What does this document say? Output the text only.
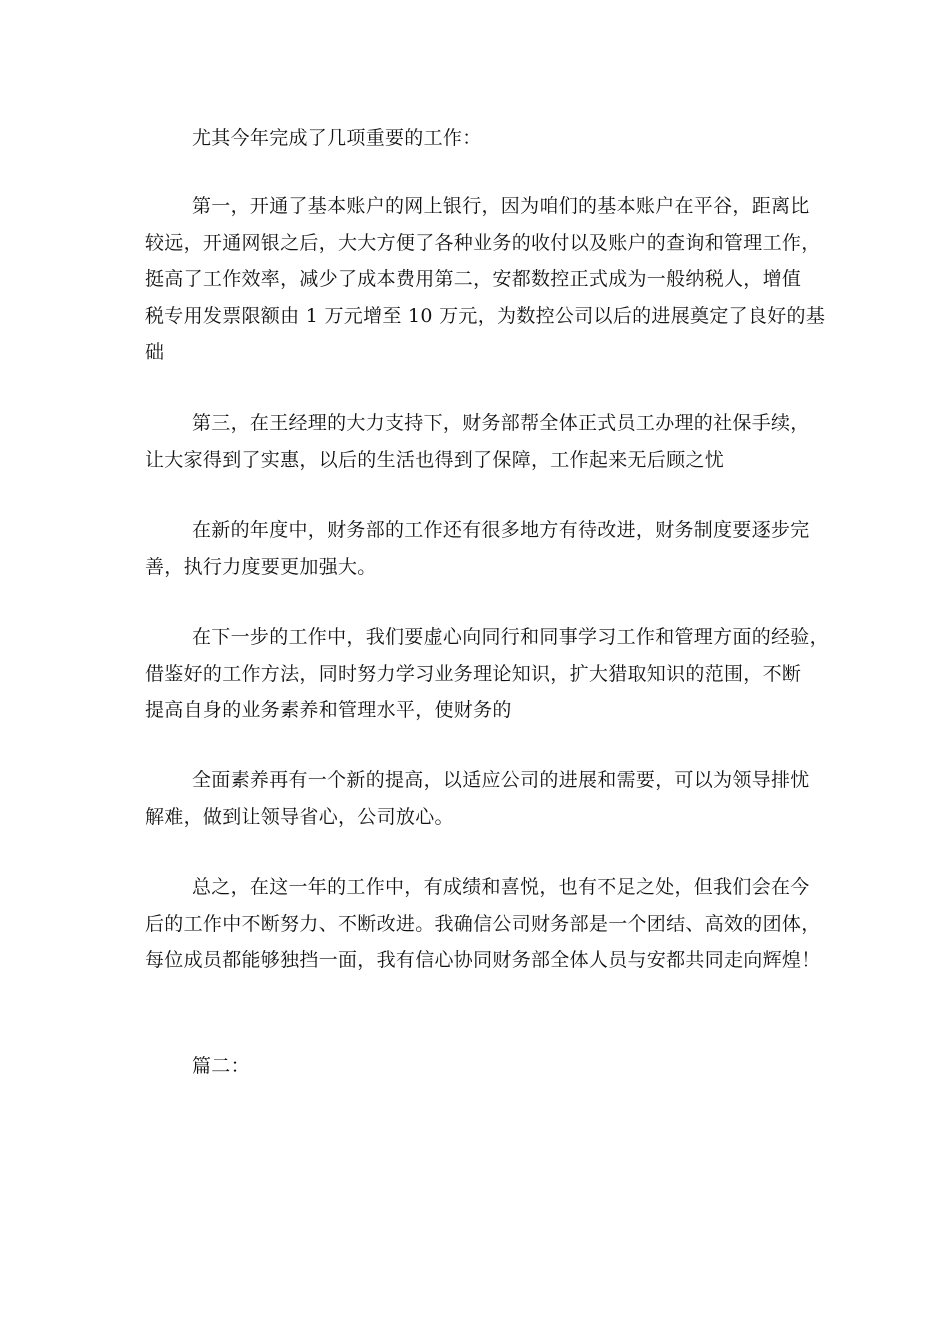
尤其今年完成了几项重要的工作：
第一，开通了基本账户的网上银行，因为咱们的基本账户在平谷，距离比
较远，开通网银之后，大大方便了各种业务的收付以及账户的查询和管理工作，
挺高了工作效率，减少了成本费用第二，安都数控正式成为一般纳税人，增值
税专用发票限额由 1 万元增至 10 万元，为数控公司以后的进展奠定了良好的基
础
第三，在王经理的大力支持下，财务部帮全体正式员工办理的社保手续，
让大家得到了实惠，以后的生活也得到了保障，工作起来无后顾之忧
在新的年度中，财务部的工作还有很多地方有待改进，财务制度要逐步完
善，执行力度要更加强大。
在下一步的工作中，我们要虚心向同行和同事学习工作和管理方面的经验，
借鉴好的工作方法，同时努力学习业务理论知识，扩大猎取知识的范围，不断
提高自身的业务素养和管理水平，使财务的
全面素养再有一个新的提高，以适应公司的进展和需要，可以为领导排忧
解难，做到让领导省心，公司放心。
总之，在这一年的工作中，有成绩和喜悦，也有不足之处，但我们会在今
后的工作中不断努力、不断改进。我确信公司财务部是一个团结、高效的团体，
每位成员都能够独挡一面，我有信心协同财务部全体人员与安都共同走向辉煌！
篇二：
